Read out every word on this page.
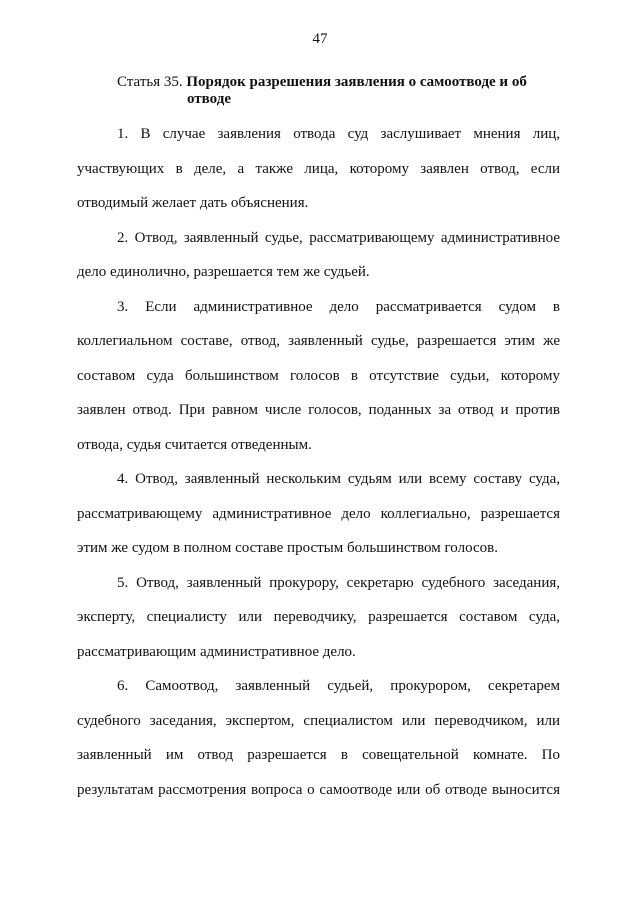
47
Статья 35. Порядок разрешения заявления о самоотводе и об
отводе
1. В случае заявления отвода суд заслушивает мнения лиц,
участвующих в деле, а также лица, которому заявлен отвод, если
отводимый желает дать объяснения.
2. Отвод, заявленный судье, рассматривающему административное
дело единолично, разрешается тем же судьей.
3. Если административное дело рассматривается судом в
коллегиальном составе, отвод, заявленный судье, разрешается этим же
составом суда большинством голосов в отсутствие судьи, которому
заявлен отвод. При равном числе голосов, поданных за отвод и против
отвода, судья считается отведенным.
4. Отвод, заявленный нескольким судьям или всему составу суда,
рассматривающему административное дело коллегиально, разрешается
этим же судом в полном составе простым большинством голосов.
5. Отвод, заявленный прокурору, секретарю судебного заседания,
эксперту, специалисту или переводчику, разрешается составом суда,
рассматривающим административное дело.
6. Самоотвод, заявленный судьей, прокурором, секретарем
судебного заседания, экспертом, специалистом или переводчиком, или
заявленный им отвод разрешается в совещательной комнате. По
результатам рассмотрения вопроса о самоотводе или об отводе выносится
